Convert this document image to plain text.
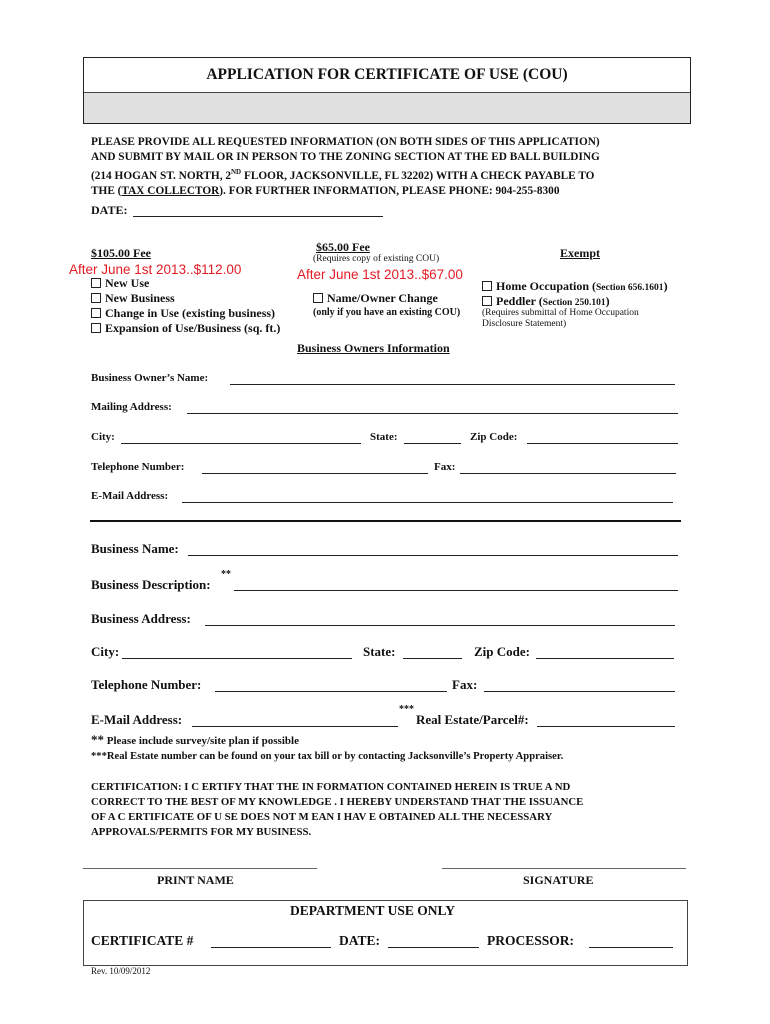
APPLICATION FOR CERTIFICATE OF USE (COU)
PLEASE PROVIDE ALL REQUESTED INFORMATION (ON BOTH SIDES OF THIS APPLICATION)
AND SUBMIT BY MAIL OR IN PERSON TO THE ZONING SECTION AT THE ED BALL BUILDING
(214 HOGAN ST. NORTH, 2ND FLOOR, JACKSONVILLE, FL 32202) WITH A CHECK PAYABLE TO
THE (TAX COLLECTOR). FOR FURTHER INFORMATION, PLEASE PHONE: 904-255-8300
DATE:
$105.00 Fee
After June 1st 2013..$112.00
New Use
New Business
Change in Use (existing business)
Expansion of Use/Business (sq. ft.)
$65.00 Fee
(Requires copy of existing COU)
After June 1st 2013..$67.00
Name/Owner Change
(only if you have an existing COU)
Exempt
Home Occupation (Section 656.1601)
Peddler (Section 250.101)
(Requires submittal of Home Occupation
Disclosure Statement)
Business Owners Information
Business Owner’s Name:
Mailing Address:
City:	State:	Zip Code:
Telephone Number:	Fax:
E-Mail Address:
Business Name:
Business Description:
**
Business Address:
City:	State:	Zip Code:
Telephone Number:	Fax:
E-Mail Address:
***
Real Estate/Parcel#:
** Please include survey/site plan if possible
***Real Estate number can be found on your tax bill or by contacting Jacksonville’s Property Appraiser.
CERTIFICATION: I C ERTIFY THAT THE IN FORMATION CONTAINED HEREIN IS TRUE A ND
CORRECT TO THE BEST OF MY KNOWLEDGE . I HEREBY UNDERSTAND THAT THE ISSUANCE
OF A C ERTIFICATE OF U SE DOES NOT M EAN I HAV E OBTAINED ALL THE NECESSARY
APPROVALS/PERMITS FOR MY BUSINESS.
PRINT NAME	SIGNATURE
DEPARTMENT USE ONLY
CERTIFICATE #	DATE:	PROCESSOR:
Rev. 10/09/2012
